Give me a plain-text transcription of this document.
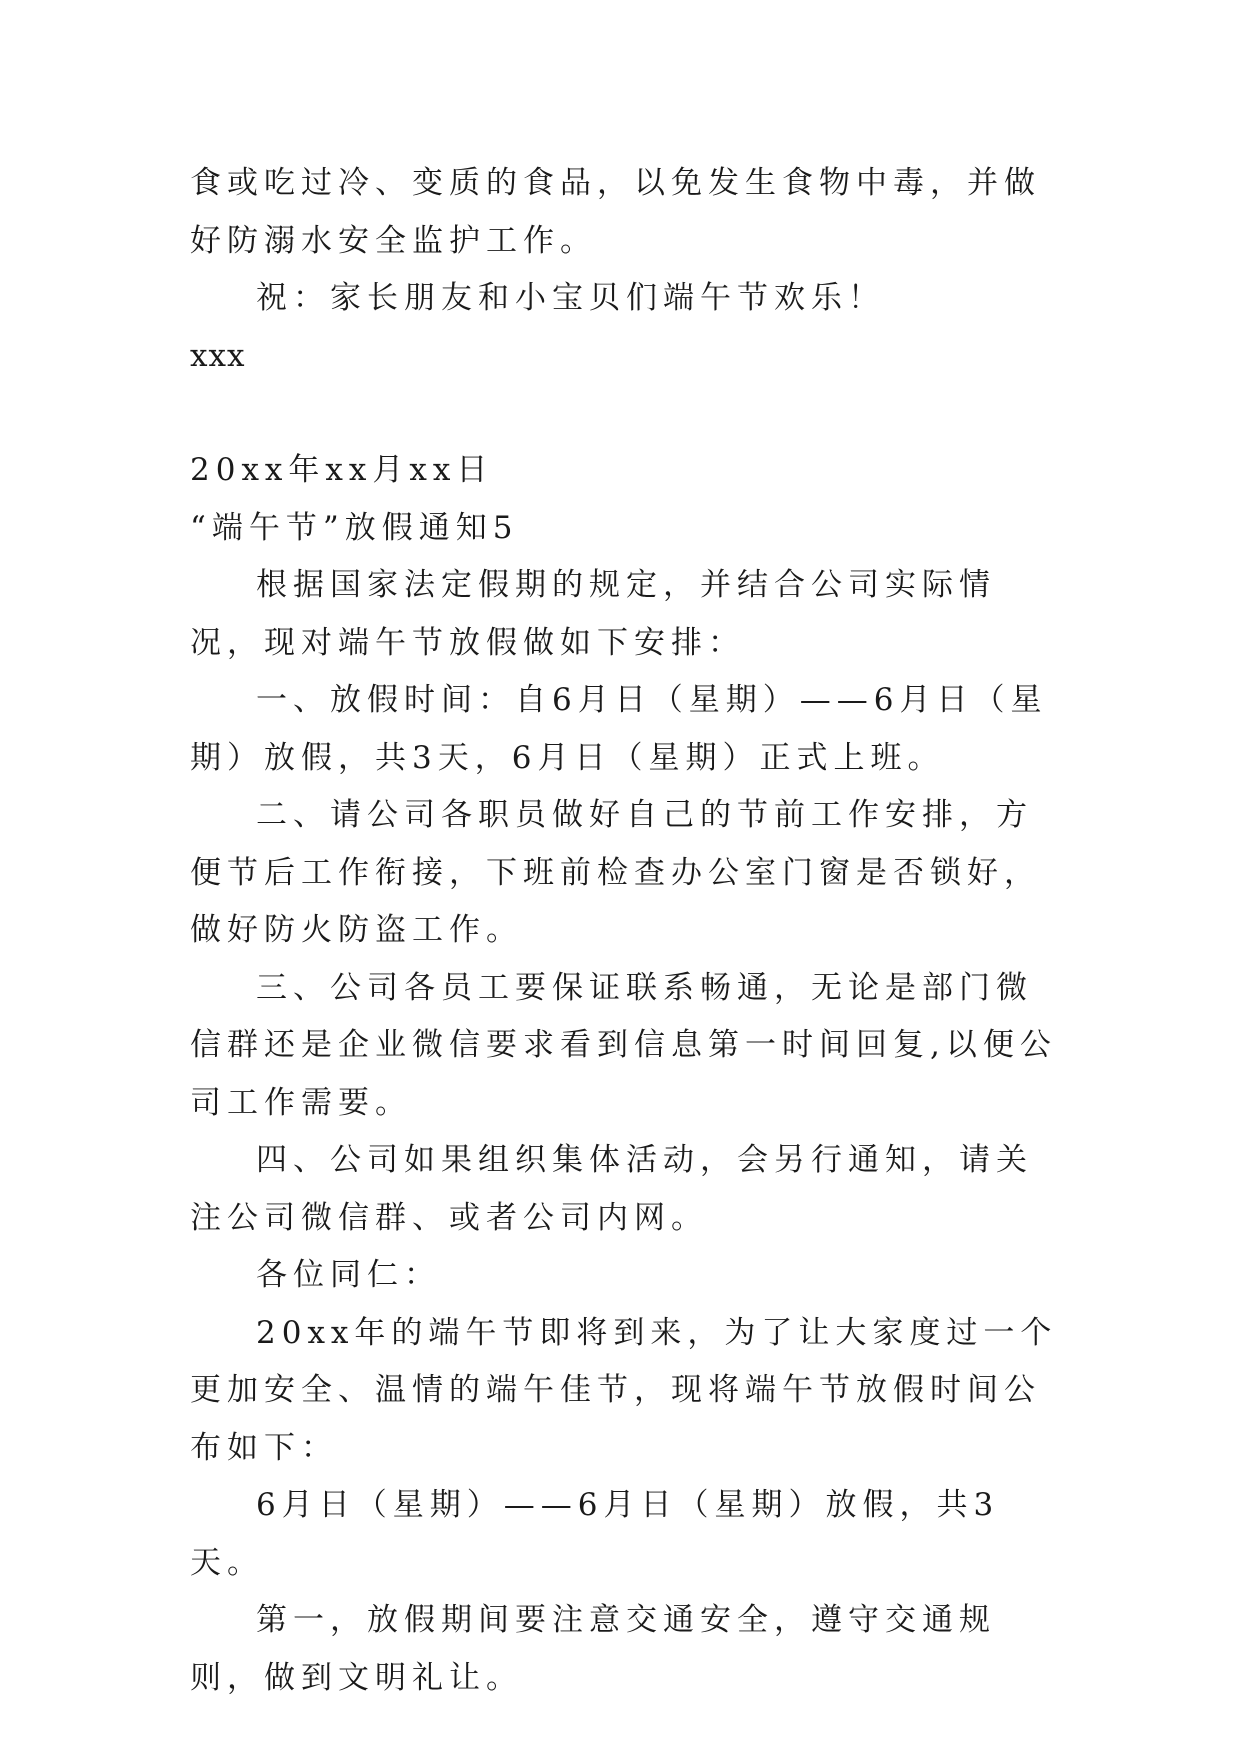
食或吃过冷、变质的食品，以免发生食物中毒，并做好防溺水安全监护工作。

祝：家长朋友和小宝贝们端午节欢乐！

xxx

20xx年xx月xx日

“端午节”放假通知5

根据国家法定假期的规定，并结合公司实际情况，现对端午节放假做如下安排：

一、放假时间：自6月日（星期）——6月日（星期）放假，共3天，6月日（星期）正式上班。

二、请公司各职员做好自己的节前工作安排，方便节后工作衔接，下班前检查办公室门窗是否锁好，做好防火防盗工作。

三、公司各员工要保证联系畅通，无论是部门微信群还是企业微信要求看到信息第一时间回复,以便公司工作需要。

四、公司如果组织集体活动，会另行通知，请关注公司微信群、或者公司内网。

各位同仁：

20xx年的端午节即将到来，为了让大家度过一个更加安全、温情的端午佳节，现将端午节放假时间公布如下：

6月日（星期）——6月日（星期）放假，共3天。

第一，放假期间要注意交通安全，遵守交通规则，做到文明礼让。
